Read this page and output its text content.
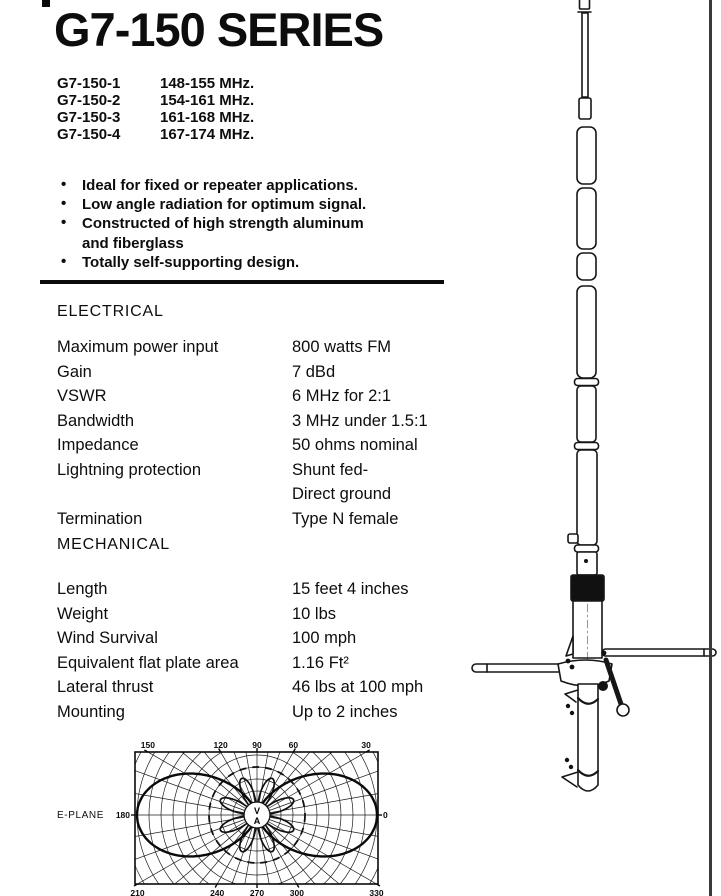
G7-150 SERIES
G7-150-1	148-155 MHz.
G7-150-2	154-161 MHz.
G7-150-3	161-168 MHz.
G7-150-4	167-174 MHz.
• Ideal for fixed or repeater applications.
• Low angle radiation for optimum signal.
• Constructed of high strength aluminum and fiberglass
• Totally self-supporting design.
ELECTRICAL
Maximum power input	800 watts FM
Gain	7 dBd
VSWR	6 MHz for 2:1
Bandwidth	3 MHz under 1.5:1
Impedance	50 ohms nominal
Lightning protection	Shunt fed-
Direct ground
Termination	Type N female
MECHANICAL
Length	15 feet 4 inches
Weight	10 lbs
Wind Survival	100 mph
Equivalent flat plate area	1.16 Ft²
Lateral thrust	46 lbs at 100 mph
Mounting	Up to 2 inches
E-PLANE	V
A
0
30
60
90
120
150
180
210	240	270	300	330
